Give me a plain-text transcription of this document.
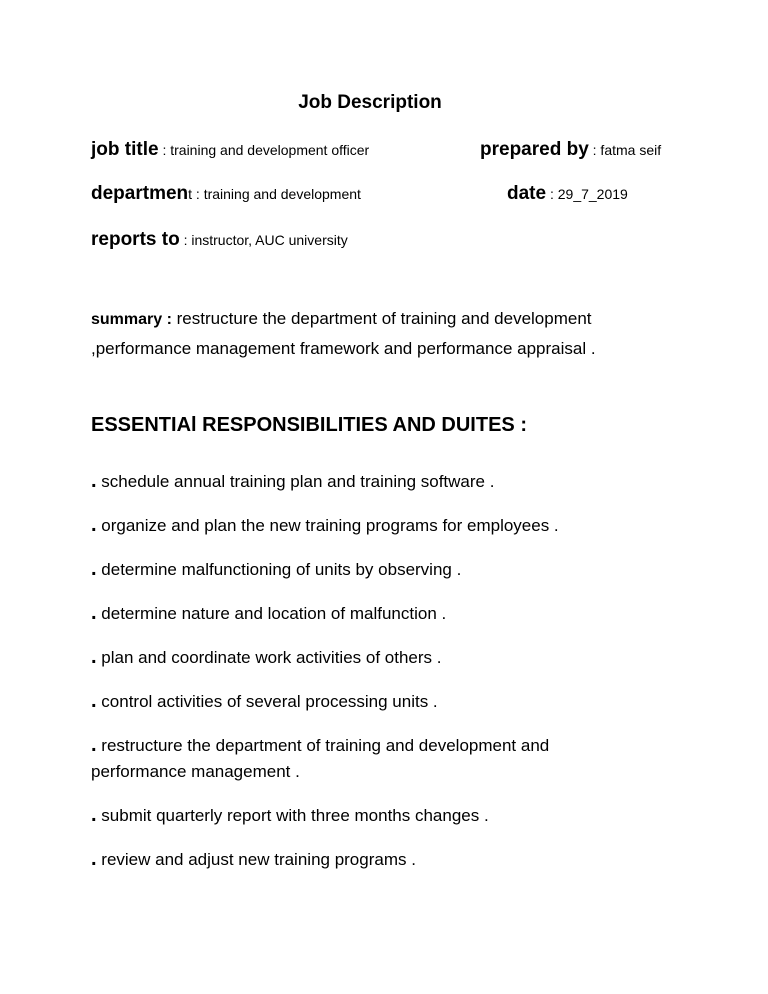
Job Description
job title : training and development officer	prepared by : fatma seif
department : training and development	date : 29_7_2019
reports to : instructor, AUC university
summary : restructure the department of training and development
,performance management framework and performance appraisal .
ESSENTIAl RESPONSIBILITIES AND DUITES :
. schedule annual training plan and training software .
. organize and plan the new training programs for employees .
. determine malfunctioning of units by observing .
. determine nature and location of malfunction .
. plan and coordinate work activities of others .
. control activities of several processing units .
. restructure the department of training and development and
performance management .
. submit quarterly report with three months changes .
. review and adjust new training programs .
